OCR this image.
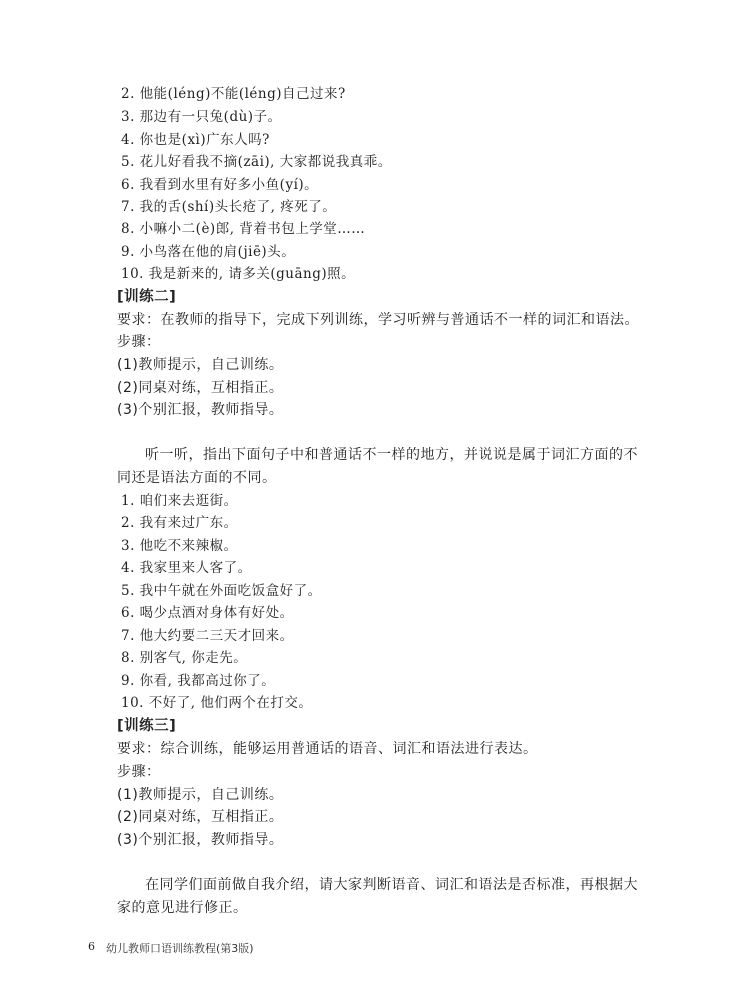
2. 他能(léng)不能(léng)自己过来?
3. 那边有一只兔(dù)子。
4. 你也是(xì)广东人吗?
5. 花儿好看我不摘(zāi), 大家都说我真乖。
6. 我看到水里有好多小鱼(yí)。
7. 我的舌(shí)头长疮了, 疼死了。
8. 小嘛小二(è)郎, 背着书包上学堂……
9. 小鸟落在他的肩(jiē)头。
10. 我是新来的, 请多关(guāng)照。
[训练二]
要求：在教师的指导下，完成下列训练，学习听辨与普通话不一样的词汇和语法。
步骤：
(1)教师提示，自己训练。
(2)同桌对练，互相指正。
(3)个别汇报，教师指导。
听一听，指出下面句子中和普通话不一样的地方，并说说是属于词汇方面的不
同还是语法方面的不同。
1. 咱们来去逛街。
2. 我有来过广东。
3. 他吃不来辣椒。
4. 我家里来人客了。
5. 我中午就在外面吃饭盒好了。
6. 喝少点酒对身体有好处。
7. 他大约要二三天才回来。
8. 别客气, 你走先。
9. 你看, 我都高过你了。
10. 不好了, 他们两个在打交。
[训练三]
要求：综合训练，能够运用普通话的语音、词汇和语法进行表达。
步骤：
(1)教师提示，自己训练。
(2)同桌对练，互相指正。
(3)个别汇报，教师指导。
在同学们面前做自我介绍，请大家判断语音、词汇和语法是否标准，再根据大
家的意见进行修正。
6 幼儿教师口语训练教程(第3版)
